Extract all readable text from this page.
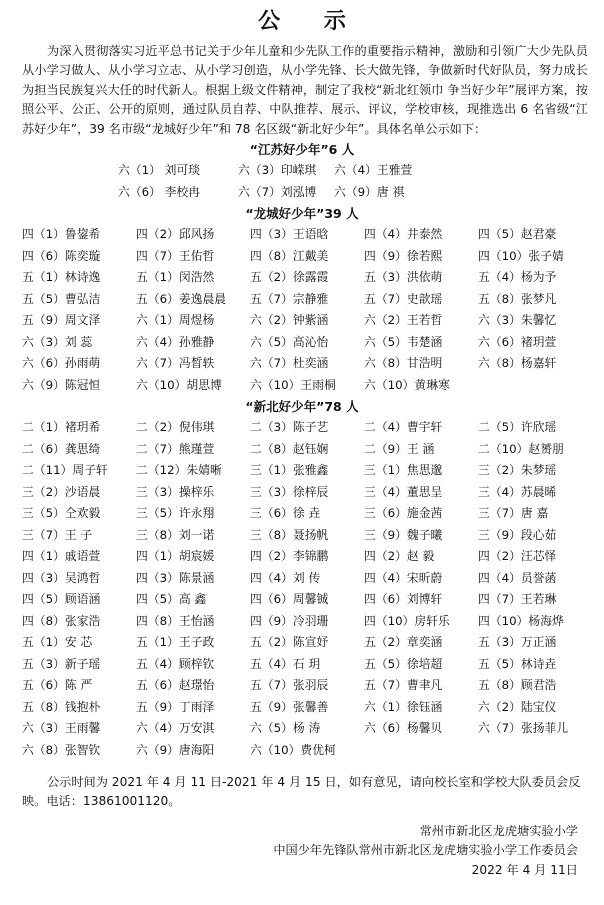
公 示
为深入贯彻落实习近平总书记关于少年儿童和少先队工作的重要指示精神，激励和引领广大少先队员从小学习做人、从小学习立志、从小学习创造，从小学先锋、长大做先锋，争做新时代好队员，努力成长为担当民族复兴大任的时代新人。根据上级文件精神，制定了我校“新北红领巾 争当好少年”展评方案，按照公平、公正、公开的原则，通过队员自荐、中队推荐、展示、评议，学校审核，现推选出 6 名省级“江苏好少年”，39 名市级“龙城好少年”和 78 名区级“新北好少年”。具体名单公示如下：
“江苏好少年”6 人
六（1） 刘可琰	六（3）印嵘琪	六（4）王雅萱
六（6） 李校冉	六（7）刘泓博	六（9）唐 祺
“龙城好少年”39 人
四（1）鲁鋆希	四（2）邱风扬	四（3）王语晗	四（4）井泰然	四（5）赵君豪
四（6）陈奕璇	四（7）王佑哲	四（8）江戴美	四（9）徐若熙	四（10）张子婧
五（1）林诗逸	五（1）闵浩然	五（2）徐露霞	五（3）洪依萌	五（4）杨为予
五（5）曹弘洁	五（6）姜逸晨晨	五（7）宗静雅	五（7）史歆瑶	五（8）张梦凡
五（9）周文泽	六（1）周煜杨	六（2）钟紫涵	六（2）王若哲	六（3）朱馨忆
六（3）刘 蕊	六（4）孙雅静	六（5）高沁怡	六（5）韦楚涵	六（6）褚玥萱
六（6）孙雨萌	六（7）冯晳轶	六（7）杜奕涵	六（8）甘浩明	六（8）杨嘉轩
六（9）陈冠恒	六（10）胡思博	六（10）王雨桐	六（10）黄琳寒
“新北好少年”78 人
二（1）褚玥希	二（2）倪伟琪	二（3）陈子艺	二（4）曹宇轩	二（5）许欣瑶
二（6）龚思绮	二（7）熊瑾萱	二（8）赵钰娴	二（9）王 涵	二（10）赵赟朋
二（11）周子轩	二（12）朱婧晰	三（1）张雅鑫	三（1）焦思邈	三（2）朱梦瑶
三（2）沙语晨	三（3）操梓乐	三（3）徐梓辰	三（4）董思呈	三（4）苏晨晞
三（5）仝欢毅	三（5）许永翔	三（6）徐 垚	三（6）施金茜	三（7）唐 嘉
三（7）王 子	三（8）刘一诺	三（8）聂扬帆	三（9）魏子曦	三（9）段心茹
四（1）戚语萱	四（1）胡宸媛	四（2）李锦鹏	四（2）赵 毅	四（2）汪芯怿
四（3）吴鸿哲	四（3）陈景涵	四（4）刘 传	四（4）宋昕蔚	四（4）员誉菡
四（5）顾语涵	四（5）高 鑫	四（6）周馨铖	四（6）刘博轩	四（7）王若琳
四（8）张家浩	四（8）王怡涵	四（9）冷羽珊	四（10）房轩乐	四（10）杨海烨
五（1）安 芯	五（1）王子政	五（2）陈宣妤	五（2）章奕涵	五（3）万正涵
五（3）新子瑶	五（4）顾梓钦	五（4）石 玥	五（5）徐培超	五（5）林诗垚
五（6）陈 严	五（6）赵璟怡	五（7）张羽辰	五（7）曹聿凡	五（8）顾君浩
五（8）钱抱朴	五（9）丁雨泽	五（9）张馨善	六（1）徐钰涵	六（2）陆宝仪
六（3）王雨馨	六（4）万安淇	六（5）杨 涛	六（6）杨馨贝	六（7）张扬菲儿
六（8）张智钦	六（9）唐海阳	六（10）费优柯
公示时间为 2021 年 4 月 11 日-2021 年 4 月 15 日，如有意见，请向校长室和学校大队委员会反映。电话：13861001120。
常州市新北区龙虎塘实验小学
中国少年先锋队常州市新北区龙虎塘实验小学工作委员会
2022 年 4 月 11日
